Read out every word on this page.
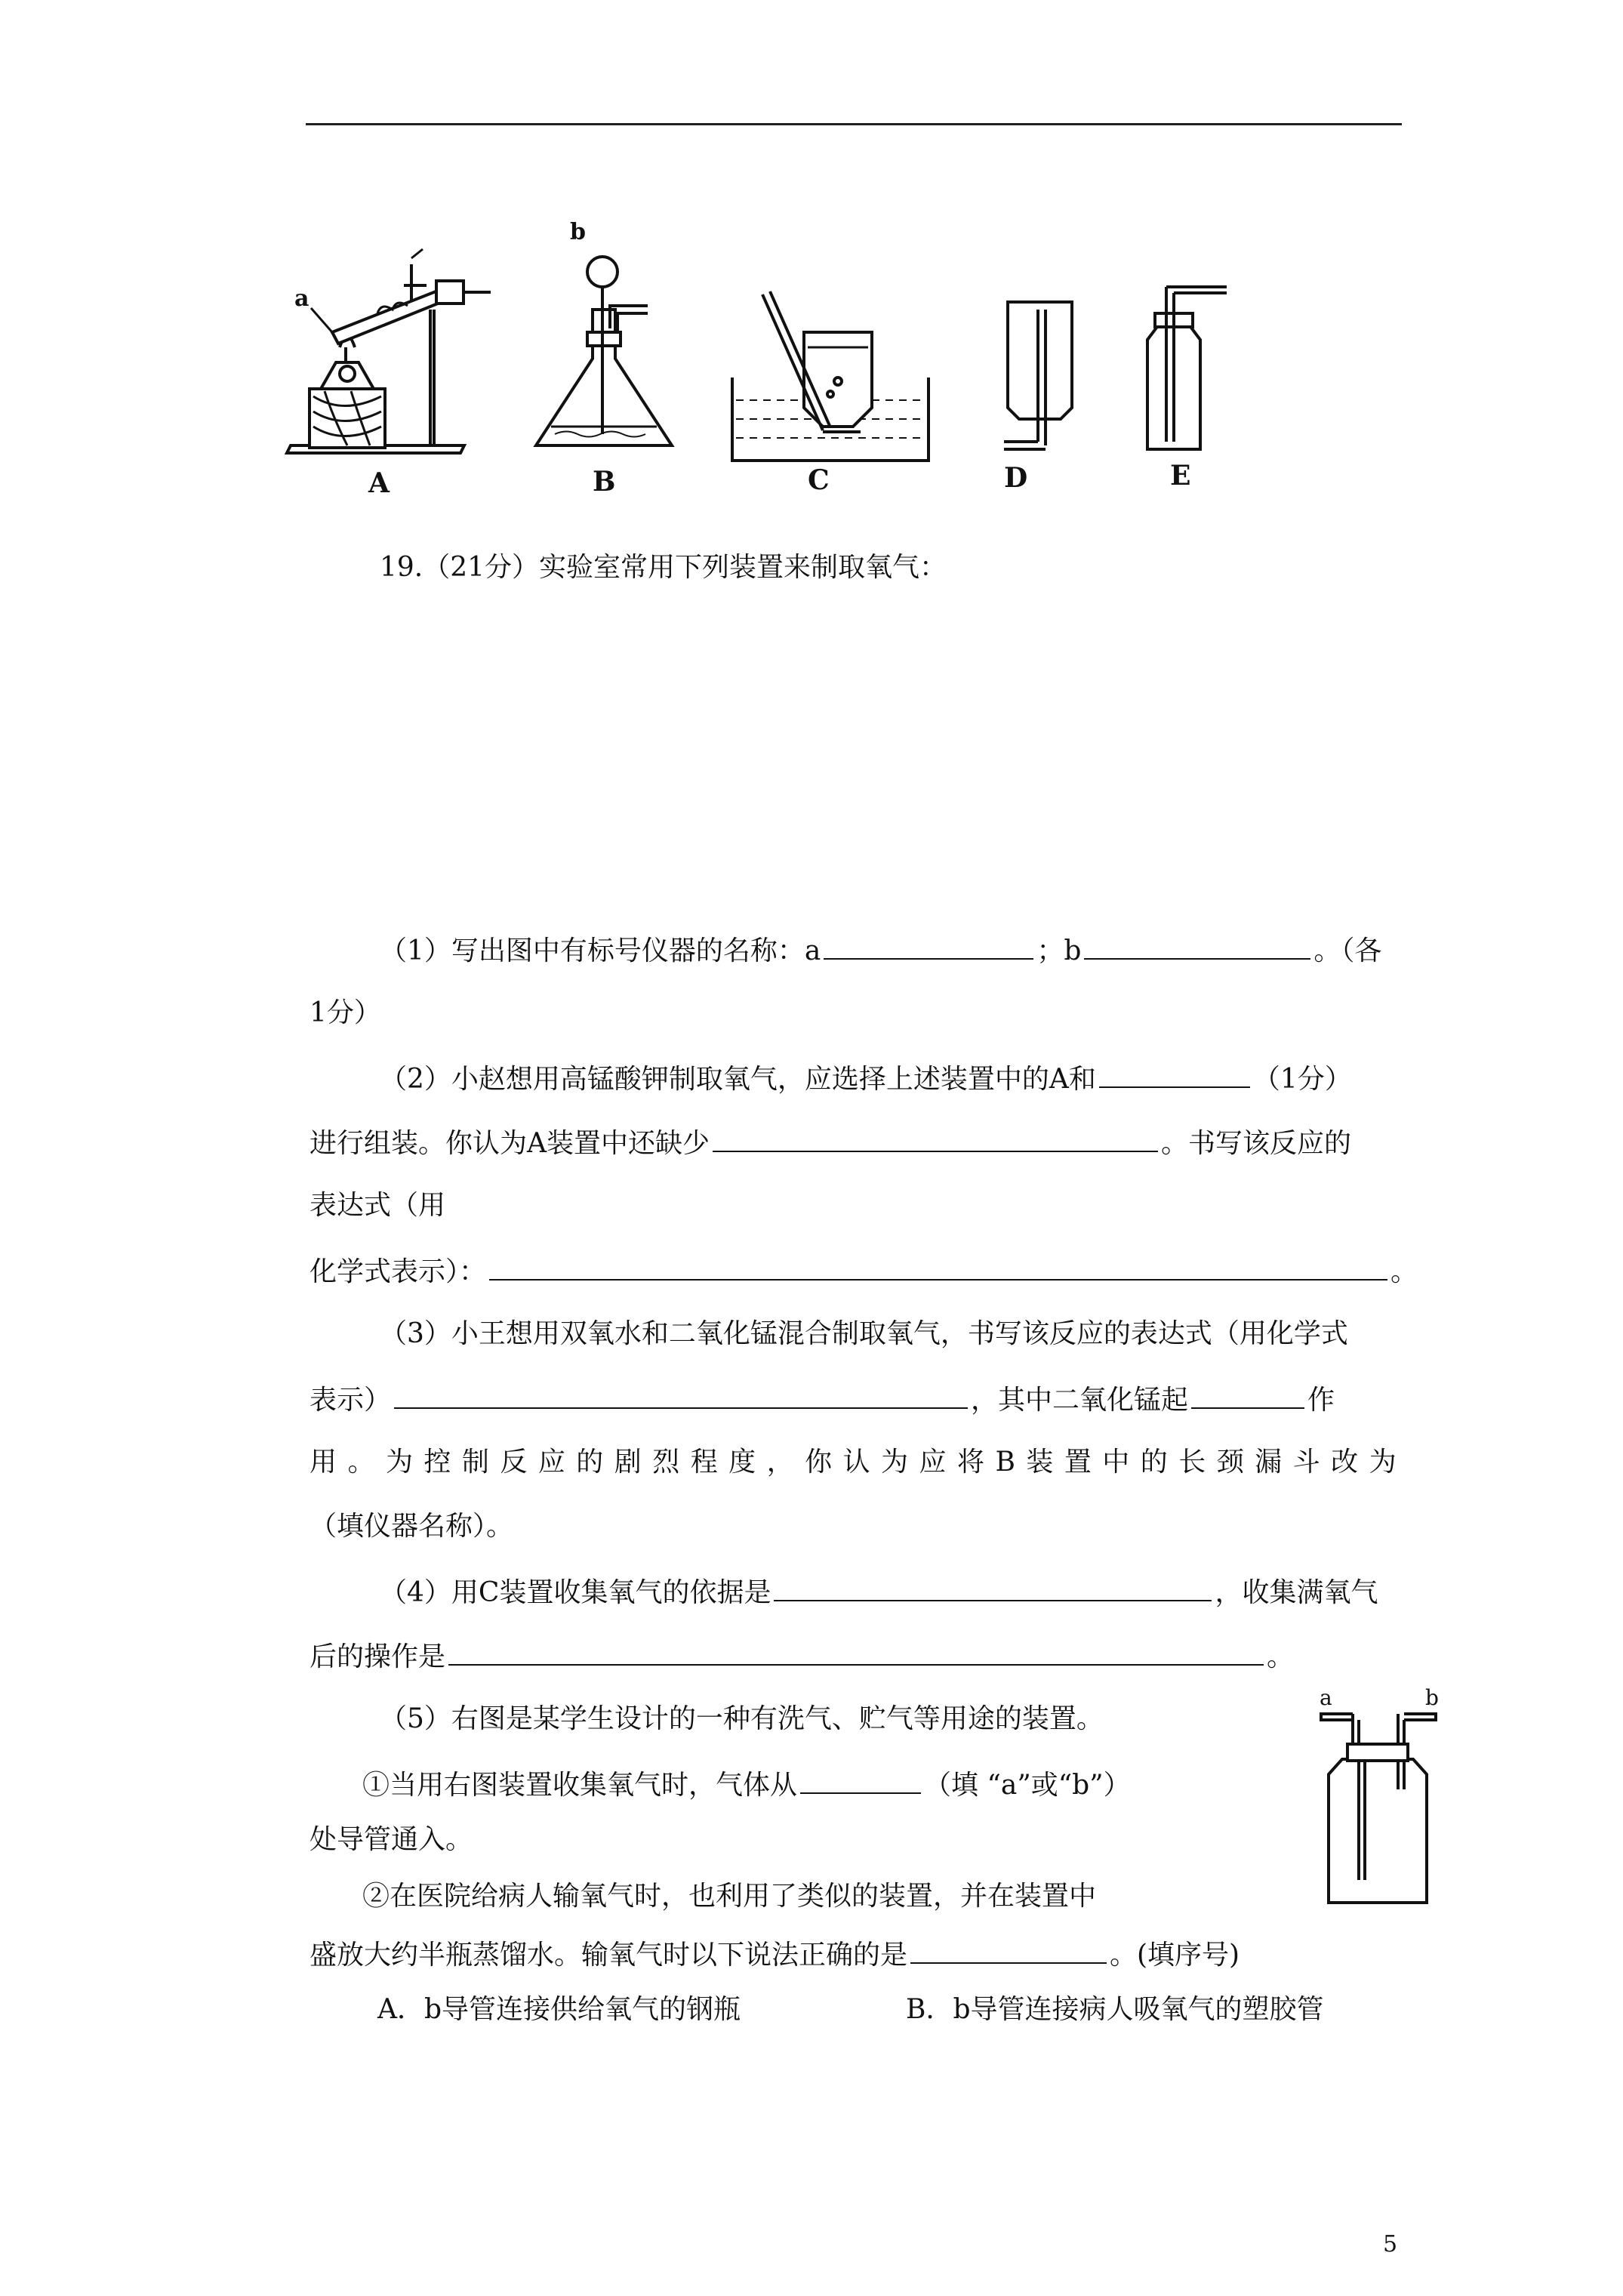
b
a
A	B	C	D	E
19.（21分）实验室常用下列装置来制取氧气：
（1）写出图中有标号仪器的名称：a	；b	。（各
1分）
（2）小赵想用高锰酸钾制取氧气，应选择上述装置中的A和	（1分）
进行组装。你认为A装置中还缺少	。书写该反应的
表达式（用
化学式表示）：	。
（3）小王想用双氧水和二氧化锰混合制取氧气，书写该反应的表达式（用化学式
表示）	，其中二氧化锰起	作
用 。 为 控 制 反 应 的 剧 烈 程 度 ， 你 认 为 应 将 B 装 置 中 的 长 颈 漏 斗 改 为
（填仪器名称）。
（4）用C装置收集氧气的依据是	，收集满氧气
后的操作是	。
（5）右图是某学生设计的一种有洗气、贮气等用途的装置。
①当用右图装置收集氧气时，气体从	（填 “a”或“b”）
处导管通入。
②在医院给病人输氧气时，也利用了类似的装置，并在装置中
盛放大约半瓶蒸馏水。输氧气时以下说法正确的是	。(填序号)
A．b导管连接供给氧气的钢瓶	B．b导管连接病人吸氧气的塑胶管
a	b
5
